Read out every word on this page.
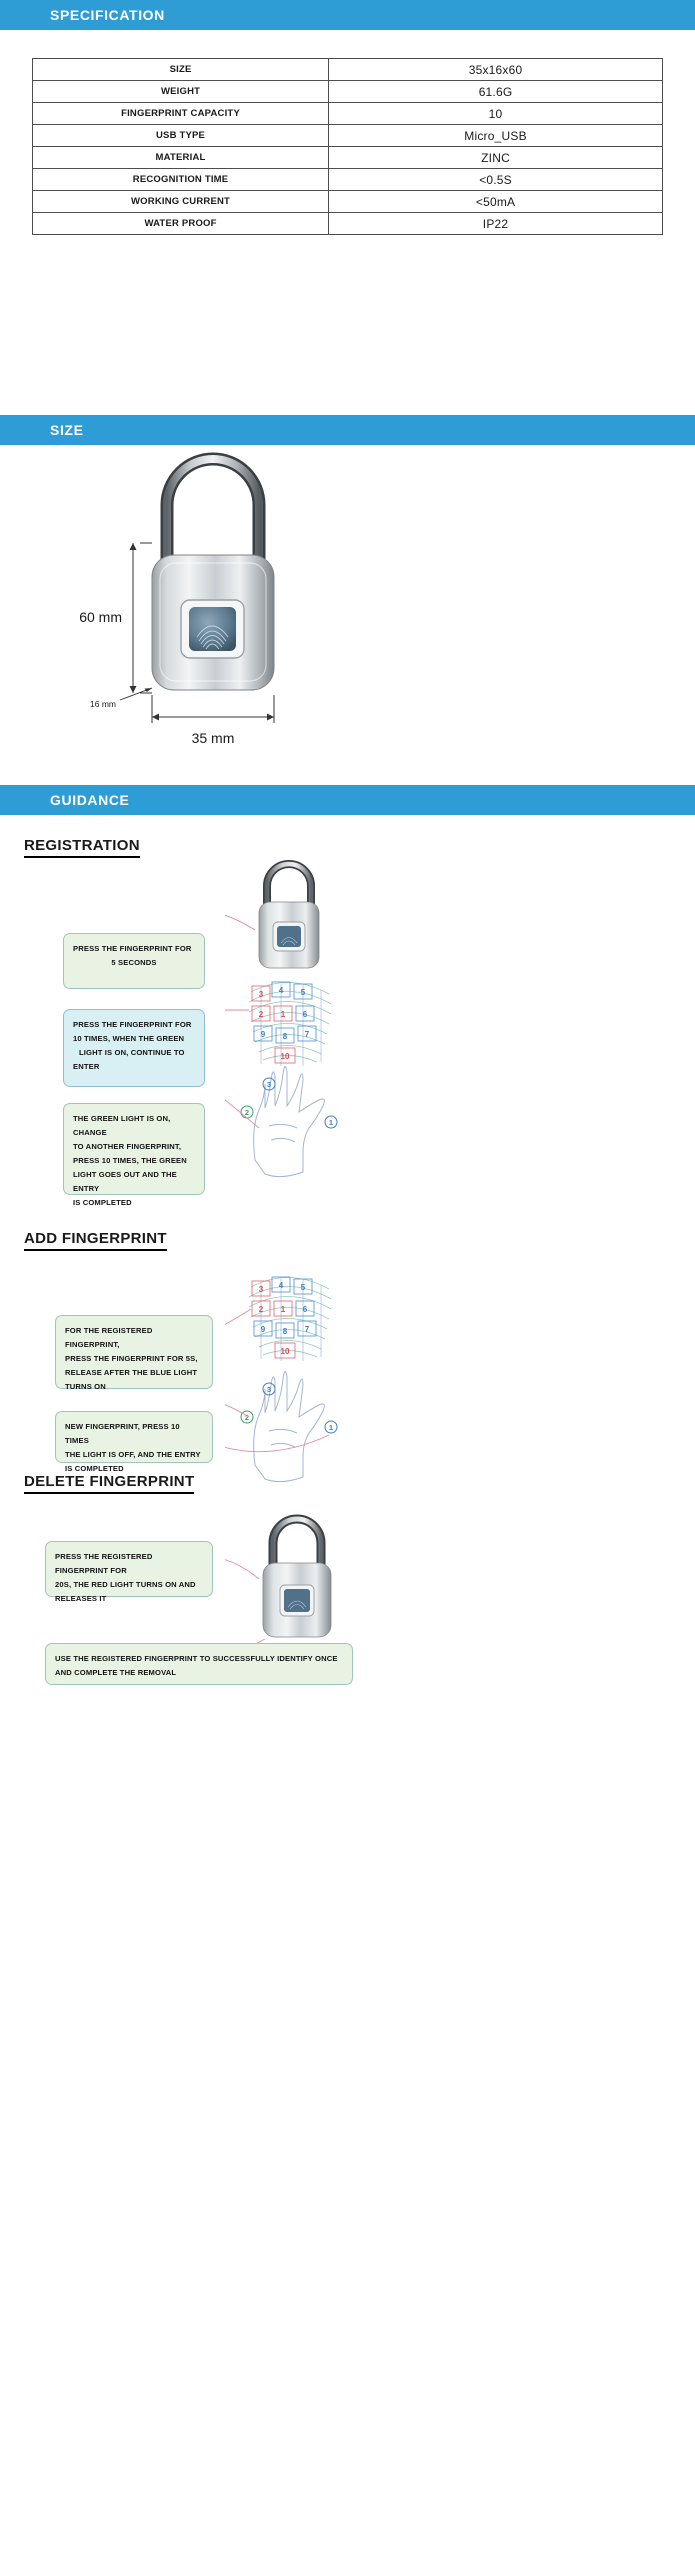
SPECIFICATION
SIZE	35x16x60
WEIGHT	61.6G
FINGERPRINT CAPACITY	10
USB TYPE	Micro_USB
MATERIAL	ZINC
RECOGNITION TIME	<0.5S
WORKING CURRENT	<50mA
WATER PROOF	IP22
SIZE
60 mm
16 mm
35 mm
GUIDANCE
REGISTRATION
3 4 5
2 1 6
9 8 7
10
3
2
1
PRESS THE FINGERPRINT FOR
5 SECONDS
PRESS THE FINGERPRINT FOR
10 TIMES, WHEN THE GREEN
LIGHT IS ON, CONTINUE TO
ENTER
THE GREEN LIGHT IS ON, CHANGE
TO ANOTHER FINGERPRINT,
PRESS 10 TIMES, THE GREEN
LIGHT GOES OUT AND THE ENTRY
IS COMPLETED
ADD FINGERPRINT
3 4 5
2 1 6
9 8 7
10
3
2
1
FOR THE REGISTERED FINGERPRINT,
PRESS THE FINGERPRINT FOR 5S,
RELEASE AFTER THE BLUE LIGHT
TURNS ON
NEW FINGERPRINT, PRESS 10 TIMES
THE LIGHT IS OFF, AND THE ENTRY
IS COMPLETED
DELETE FINGERPRINT
PRESS THE REGISTERED FINGERPRINT FOR
20S, THE RED LIGHT TURNS ON AND
RELEASES IT
USE THE REGISTERED FINGERPRINT TO SUCCESSFULLY IDENTIFY ONCE
AND COMPLETE THE REMOVAL
